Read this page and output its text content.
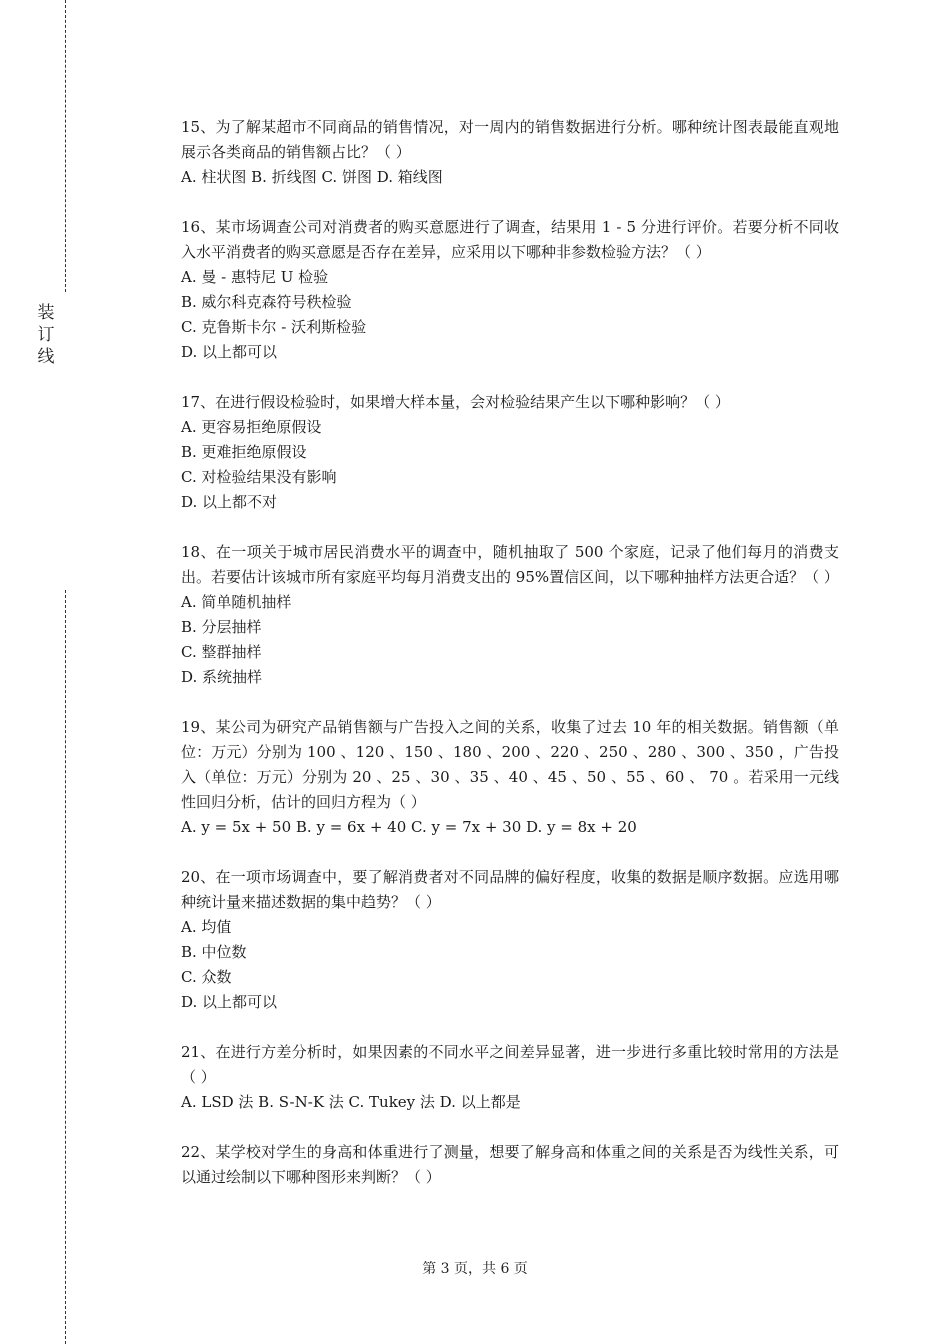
装
订
线

15、为了解某超市不同商品的销售情况，对一周内的销售数据进行分析。哪种统计图表最能直观地展示各类商品的销售额占比？（ ）

A. 柱状图 B. 折线图 C. 饼图 D. 箱线图

16、某市场调查公司对消费者的购买意愿进行了调查，结果用 1 - 5 分进行评价。若要分析不同收入水平消费者的购买意愿是否存在差异，应采用以下哪种非参数检验方法？（ ）

A. 曼 - 惠特尼 U 检验
B. 威尔科克森符号秩检验
C. 克鲁斯卡尔 - 沃利斯检验
D. 以上都可以

17、在进行假设检验时，如果增大样本量，会对检验结果产生以下哪种影响？（ ）

A. 更容易拒绝原假设
B. 更难拒绝原假设
C. 对检验结果没有影响
D. 以上都不对

18、在一项关于城市居民消费水平的调查中，随机抽取了 500 个家庭，记录了他们每月的消费支出。若要估计该城市所有家庭平均每月消费支出的 95%置信区间，以下哪种抽样方法更合适？（ ）

A. 简单随机抽样
B. 分层抽样
C. 整群抽样
D. 系统抽样

19、某公司为研究产品销售额与广告投入之间的关系，收集了过去 10 年的相关数据。销售额（单位：万元）分别为 100 、120 、150 、180 、200 、220 、250 、280 、300 、350 ，广告投入（单位：万元）分别为 20 、25 、30 、35 、40 、45 、50 、55 、60 、 70 。若采用一元线性回归分析，估计的回归方程为（ ）

A. y = 5x + 50 B. y = 6x + 40 C. y = 7x + 30 D. y = 8x + 20

20、在一项市场调查中，要了解消费者对不同品牌的偏好程度，收集的数据是顺序数据。应选用哪种统计量来描述数据的集中趋势？（ ）

A. 均值
B. 中位数
C. 众数
D. 以上都可以

21、在进行方差分析时，如果因素的不同水平之间差异显著，进一步进行多重比较时常用的方法是（ ）

A. LSD 法 B. S-N-K 法 C. Tukey 法 D. 以上都是

22、某学校对学生的身高和体重进行了测量，想要了解身高和体重之间的关系是否为线性关系，可以通过绘制以下哪种图形来判断？（ ）

第 3 页，共 6 页
